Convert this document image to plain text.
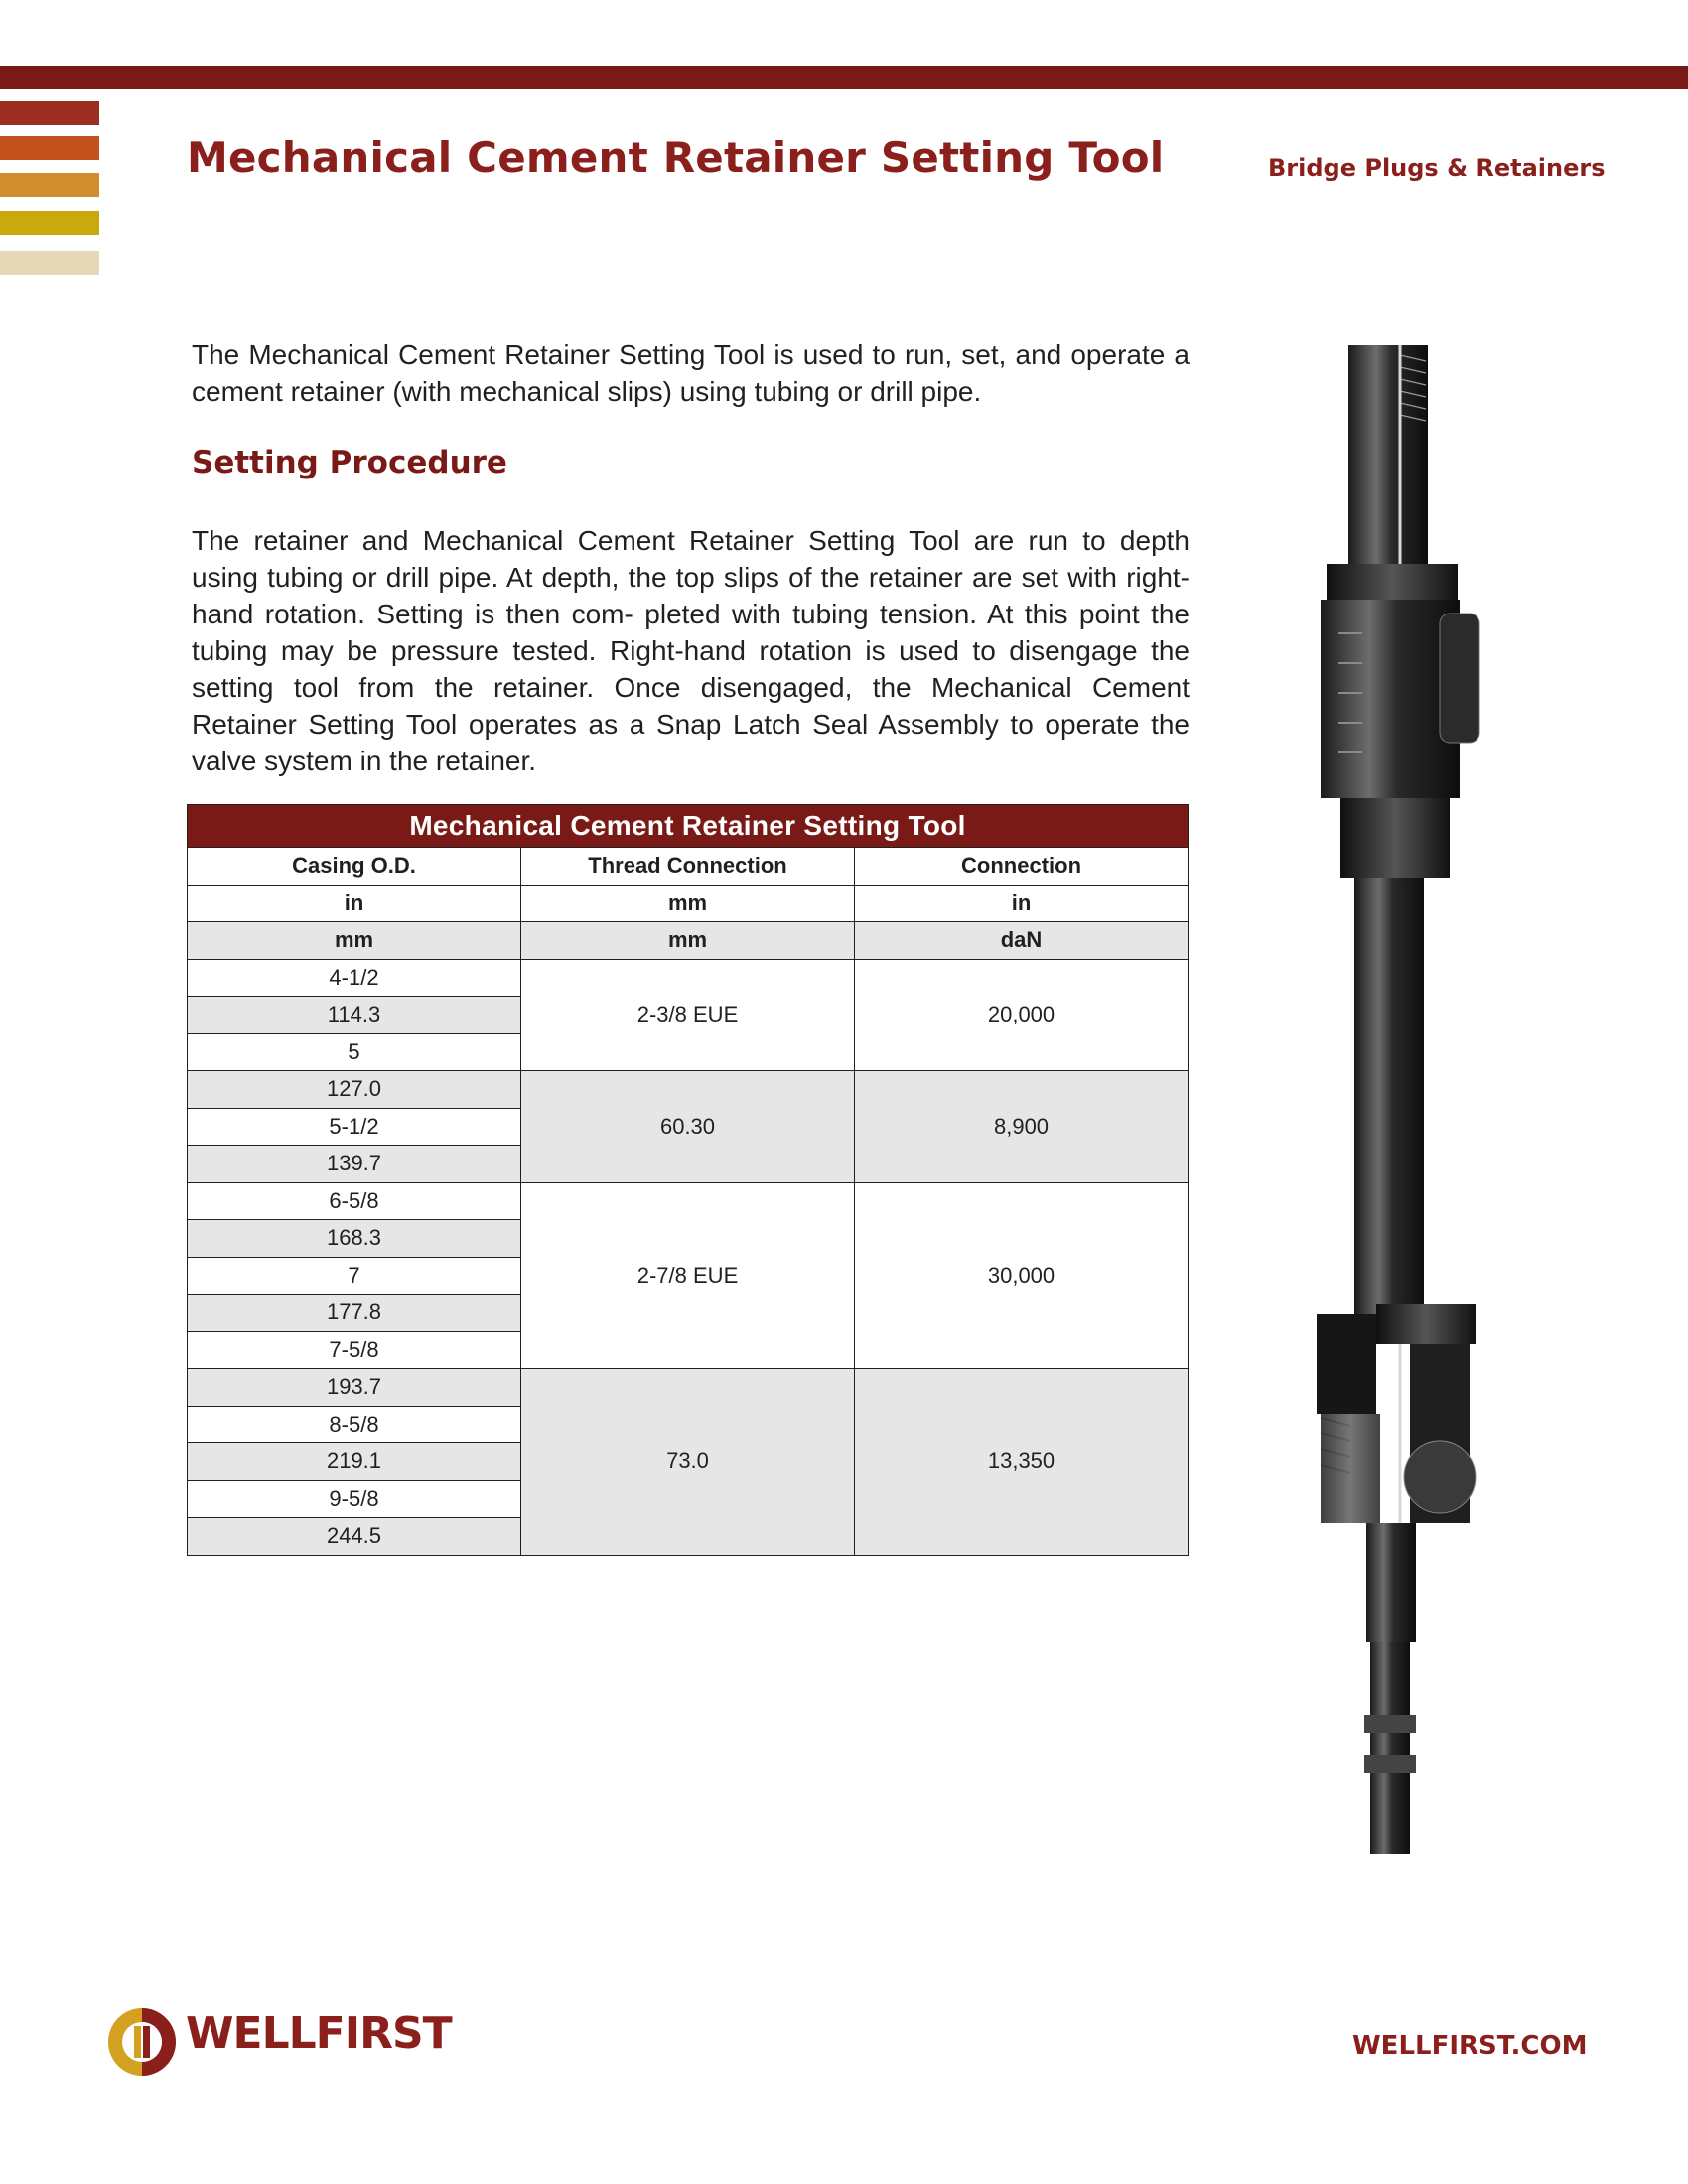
Mechanical Cement Retainer Setting Tool	Bridge Plugs & Retainers

The Mechanical Cement Retainer Setting Tool is used to run, set, and operate a cement retainer (with mechanical slips) using tubing or drill pipe.

Setting Procedure

The retainer and Mechanical Cement Retainer Setting Tool are run to depth using tubing or drill pipe. At depth, the top slips of the retainer are set with right-hand rotation. Setting is then com- pleted with tubing tension. At this point the tubing may be pressure tested. Right-hand rotation is used to disengage the setting tool from the retainer. Once disengaged, the Mechanical Cement Retainer Setting Tool operates as a Snap Latch Seal Assembly to operate the valve system in the retainer.

Mechanical Cement Retainer Setting Tool		
Casing O.D.	Thread Connection	Connection
in	mm	in
mm	mm	daN
4-1/2	2-3/8 EUE	20,000
114.3		
5		
127.0	60.30	8,900
5-1/2		
139.7		
6-5/8	2-7/8 EUE	30,000
168.3		
7		
177.8		
7-5/8		
193.7	73.0	13,350
8-5/8		
219.1		
9-5/8		
244.5		
WELLFIRST	WELLFIRST.COM
